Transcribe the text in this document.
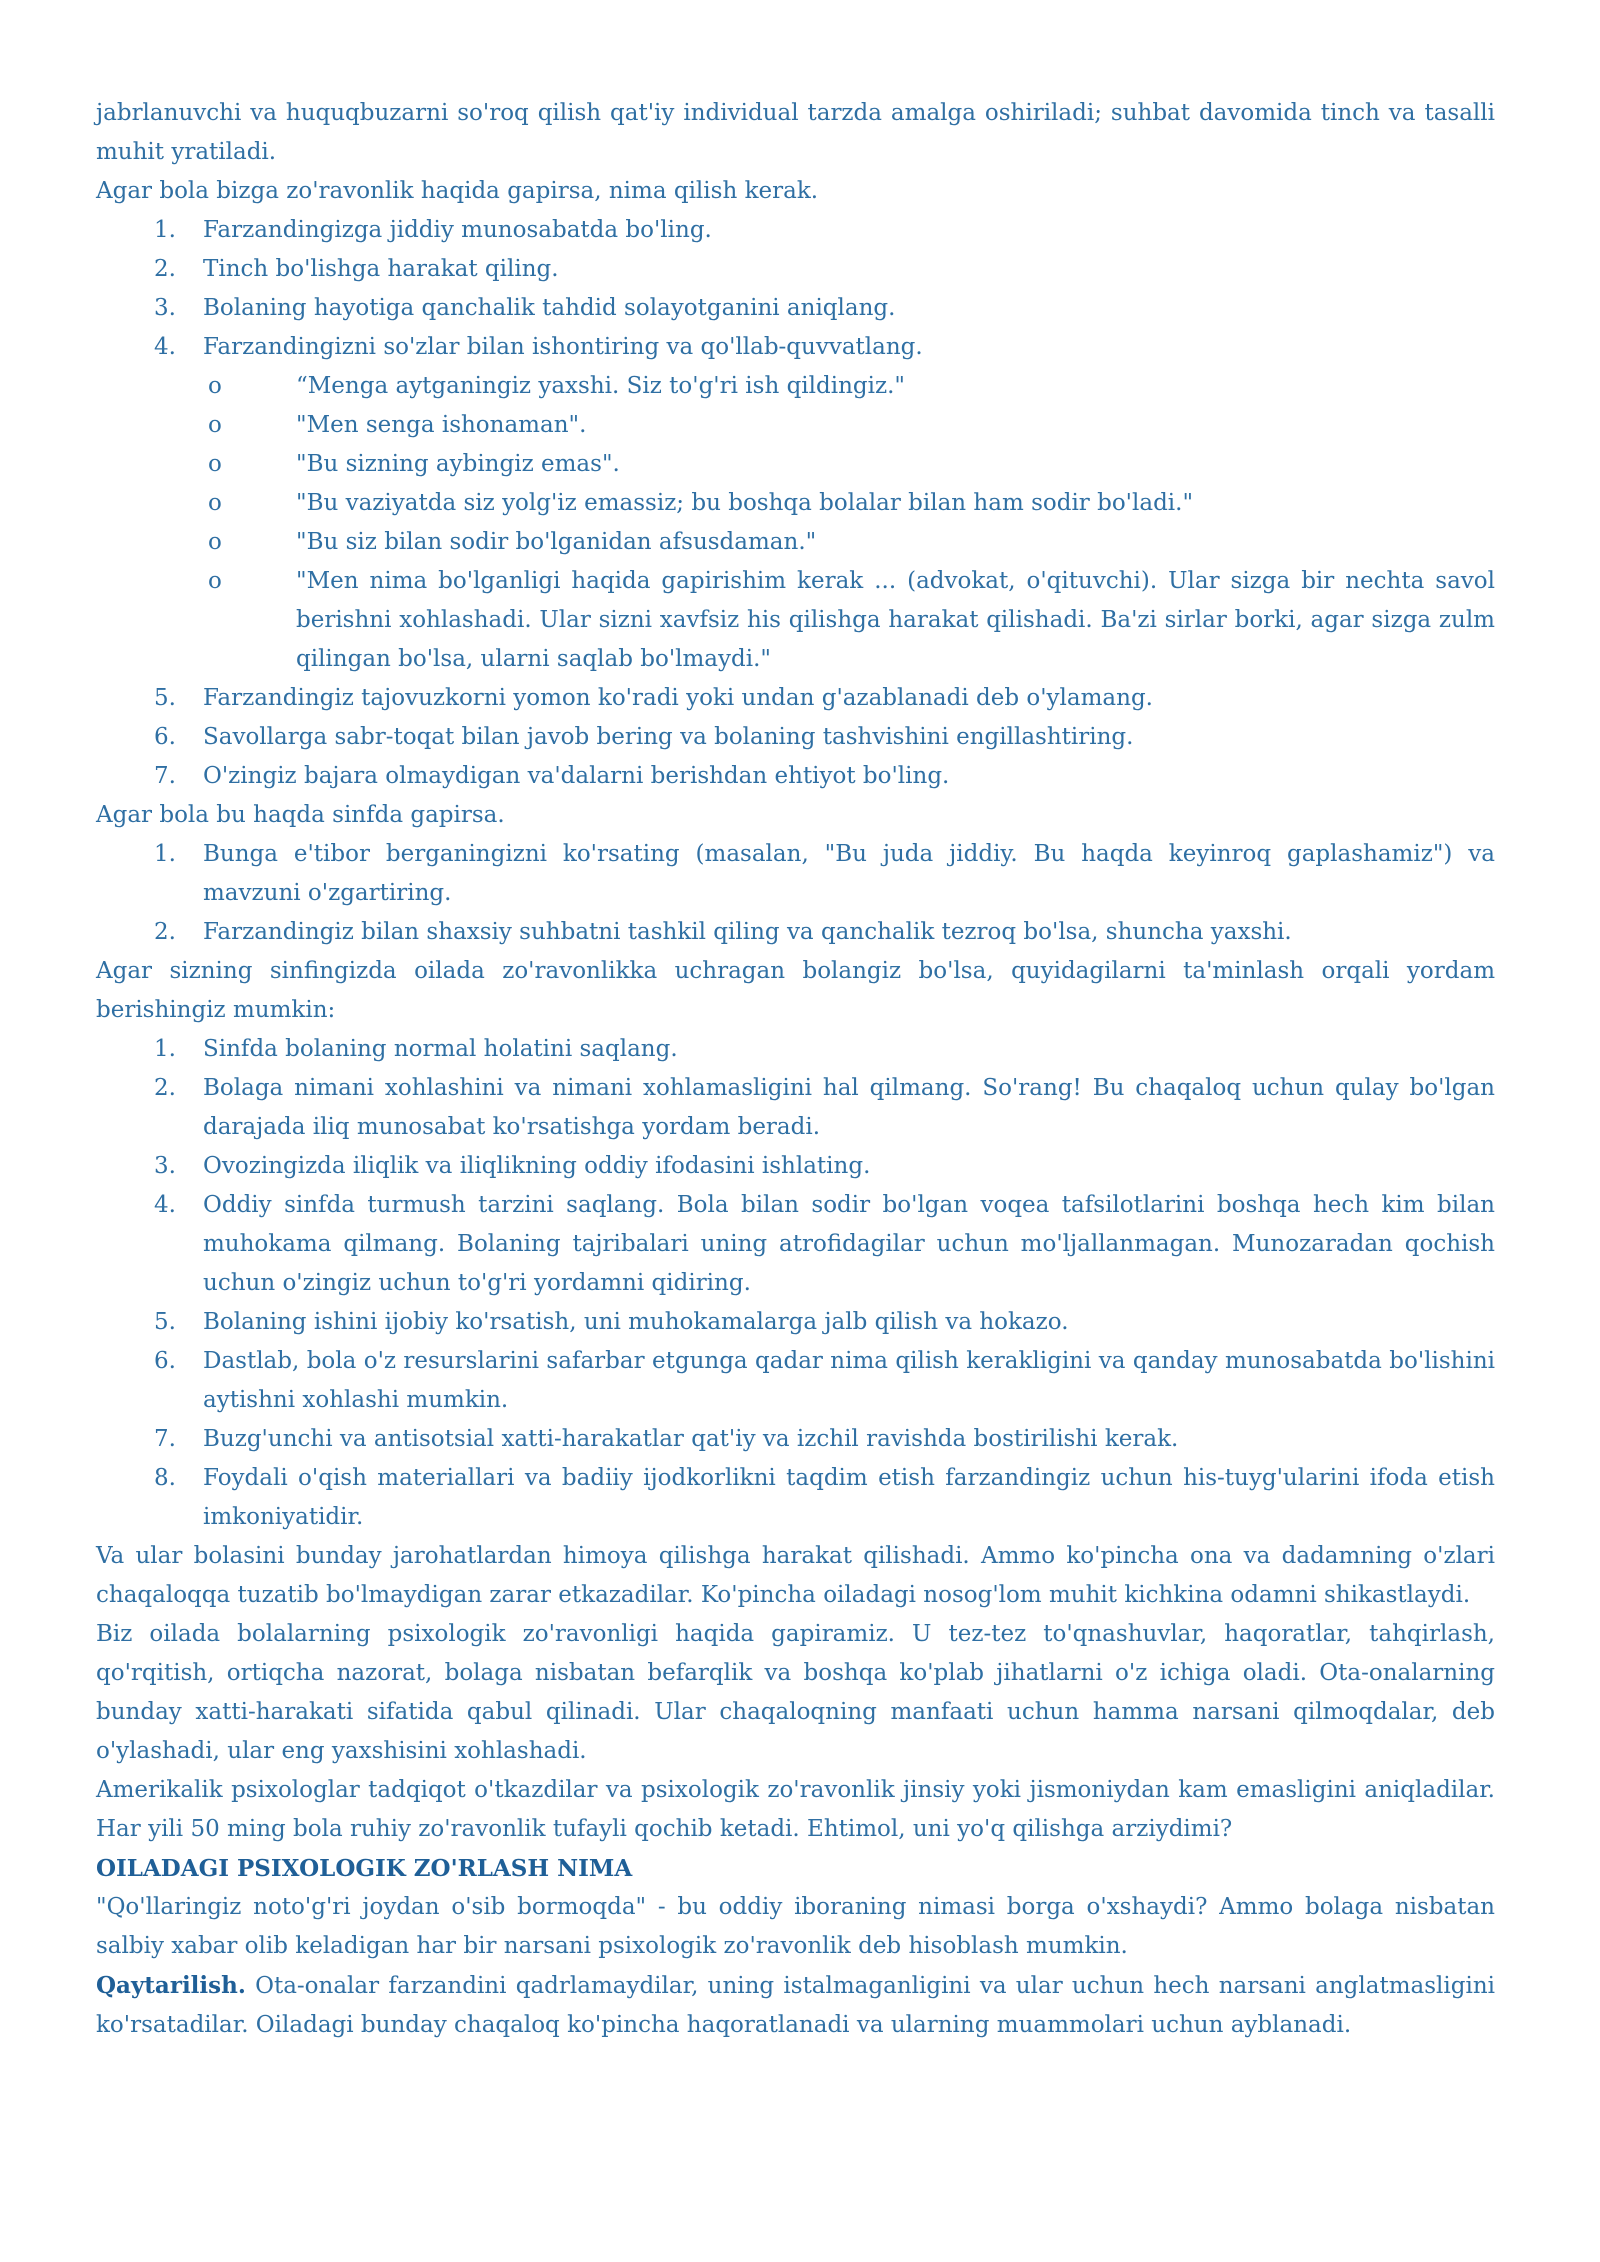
jabrlanuvchi va huquqbuzarni so'roq qilish qat'iy individual tarzda amalga oshiriladi; suhbat davomida tinch va tasalli muhit yratiladi.

Agar bola bizga zo'ravonlik haqida gapirsa, nima qilish kerak.

1. Farzandingizga jiddiy munosabatda bo'ling.
2. Tinch bo'lishga harakat qiling.
3. Bolaning hayotiga qanchalik tahdid solayotganini aniqlang.
4. Farzandingizni so'zlar bilan ishontiring va qo'llab-quvvatlang.
o	“Menga aytganingiz yaxshi. Siz to'g'ri ish qildingiz."
o	"Men senga ishonaman".
o	"Bu sizning aybingiz emas".
o	"Bu vaziyatda siz yolg'iz emassiz; bu boshqa bolalar bilan ham sodir bo'ladi."
o	"Bu siz bilan sodir bo'lganidan afsusdaman."
o	"Men nima bo'lganligi haqida gapirishim kerak ... (advokat, o'qituvchi). Ular sizga bir nechta savol berishni xohlashadi. Ular sizni xavfsiz his qilishga harakat qilishadi. Ba'zi sirlar borki, agar sizga zulm qilingan bo'lsa, ularni saqlab bo'lmaydi."
5. Farzandingiz tajovuzkorni yomon ko'radi yoki undan g'azablanadi deb o'ylamang.
6. Savollarga sabr-toqat bilan javob bering va bolaning tashvishini engillashtiring.
7. O'zingiz bajara olmaydigan va'dalarni berishdan ehtiyot bo'ling.

Agar bola bu haqda sinfda gapirsa.

1. Bunga e'tibor berganingizni ko'rsating (masalan, "Bu juda jiddiy. Bu haqda keyinroq gaplashamiz") va mavzuni o'zgartiring.
2. Farzandingiz bilan shaxsiy suhbatni tashkil qiling va qanchalik tezroq bo'lsa, shuncha yaxshi.

Agar sizning sinfingizda oilada zo'ravonlikka uchragan bolangiz bo'lsa, quyidagilarni ta'minlash orqali yordam berishingiz mumkin:

1. Sinfda bolaning normal holatini saqlang.
2. Bolaga nimani xohlashini va nimani xohlamasligini hal qilmang. So'rang! Bu chaqaloq uchun qulay bo'lgan darajada iliq munosabat ko'rsatishga yordam beradi.
3. Ovozingizda iliqlik va iliqlikning oddiy ifodasini ishlating.
4. Oddiy sinfda turmush tarzini saqlang. Bola bilan sodir bo'lgan voqea tafsilotlarini boshqa hech kim bilan muhokama qilmang. Bolaning tajribalari uning atrofidagilar uchun mo'ljallanmagan. Munozaradan qochish uchun o'zingiz uchun to'g'ri yordamni qidiring.
5. Bolaning ishini ijobiy ko'rsatish, uni muhokamalarga jalb qilish va hokazo.
6. Dastlab, bola o'z resurslarini safarbar etgunga qadar nima qilish kerakligini va qanday munosabatda bo'lishini aytishni xohlashi mumkin.
7. Buzg'unchi va antisotsial xatti-harakatlar qat'iy va izchil ravishda bostirilishi kerak.
8. Foydali o'qish materiallari va badiiy ijodkorlikni taqdim etish farzandingiz uchun his-tuyg'ularini ifoda etish imkoniyatidir.

Va ular bolasini bunday jarohatlardan himoya qilishga harakat qilishadi. Ammo ko'pincha ona va dadamning o'zlari chaqaloqqa tuzatib bo'lmaydigan zarar etkazadilar. Ko'pincha oiladagi nosog'lom muhit kichkina odamni shikastlaydi.

Biz oilada bolalarning psixologik zo'ravonligi haqida gapiramiz. U tez-tez to'qnashuvlar, haqoratlar, tahqirlash, qo'rqitish, ortiqcha nazorat, bolaga nisbatan befarqlik va boshqa ko'plab jihatlarni o'z ichiga oladi. Ota-onalarning bunday xatti-harakati sifatida qabul qilinadi. Ular chaqaloqning manfaati uchun hamma narsani qilmoqdalar, deb o'ylashadi, ular eng yaxshisini xohlashadi.

Amerikalik psixologlar tadqiqot o'tkazdilar va psixologik zo'ravonlik jinsiy yoki jismoniydan kam emasligini aniqladilar. Har yili 50 ming bola ruhiy zo'ravonlik tufayli qochib ketadi. Ehtimol, uni yo'q qilishga arziydimi?

OILADAGI PSIXOLOGIK ZO'RLASH NIMA

"Qo'llaringiz noto'g'ri joydan o'sib bormoqda" - bu oddiy iboraning nimasi borga o'xshaydi? Ammo bolaga nisbatan salbiy xabar olib keladigan har bir narsani psixologik zo'ravonlik deb hisoblash mumkin.

Qaytarilish. Ota-onalar farzandini qadrlamaydilar, uning istalmaganligini va ular uchun hech narsani anglatmasligini ko'rsatadilar. Oiladagi bunday chaqaloq ko'pincha haqoratlanadi va ularning muammolari uchun ayblanadi.
